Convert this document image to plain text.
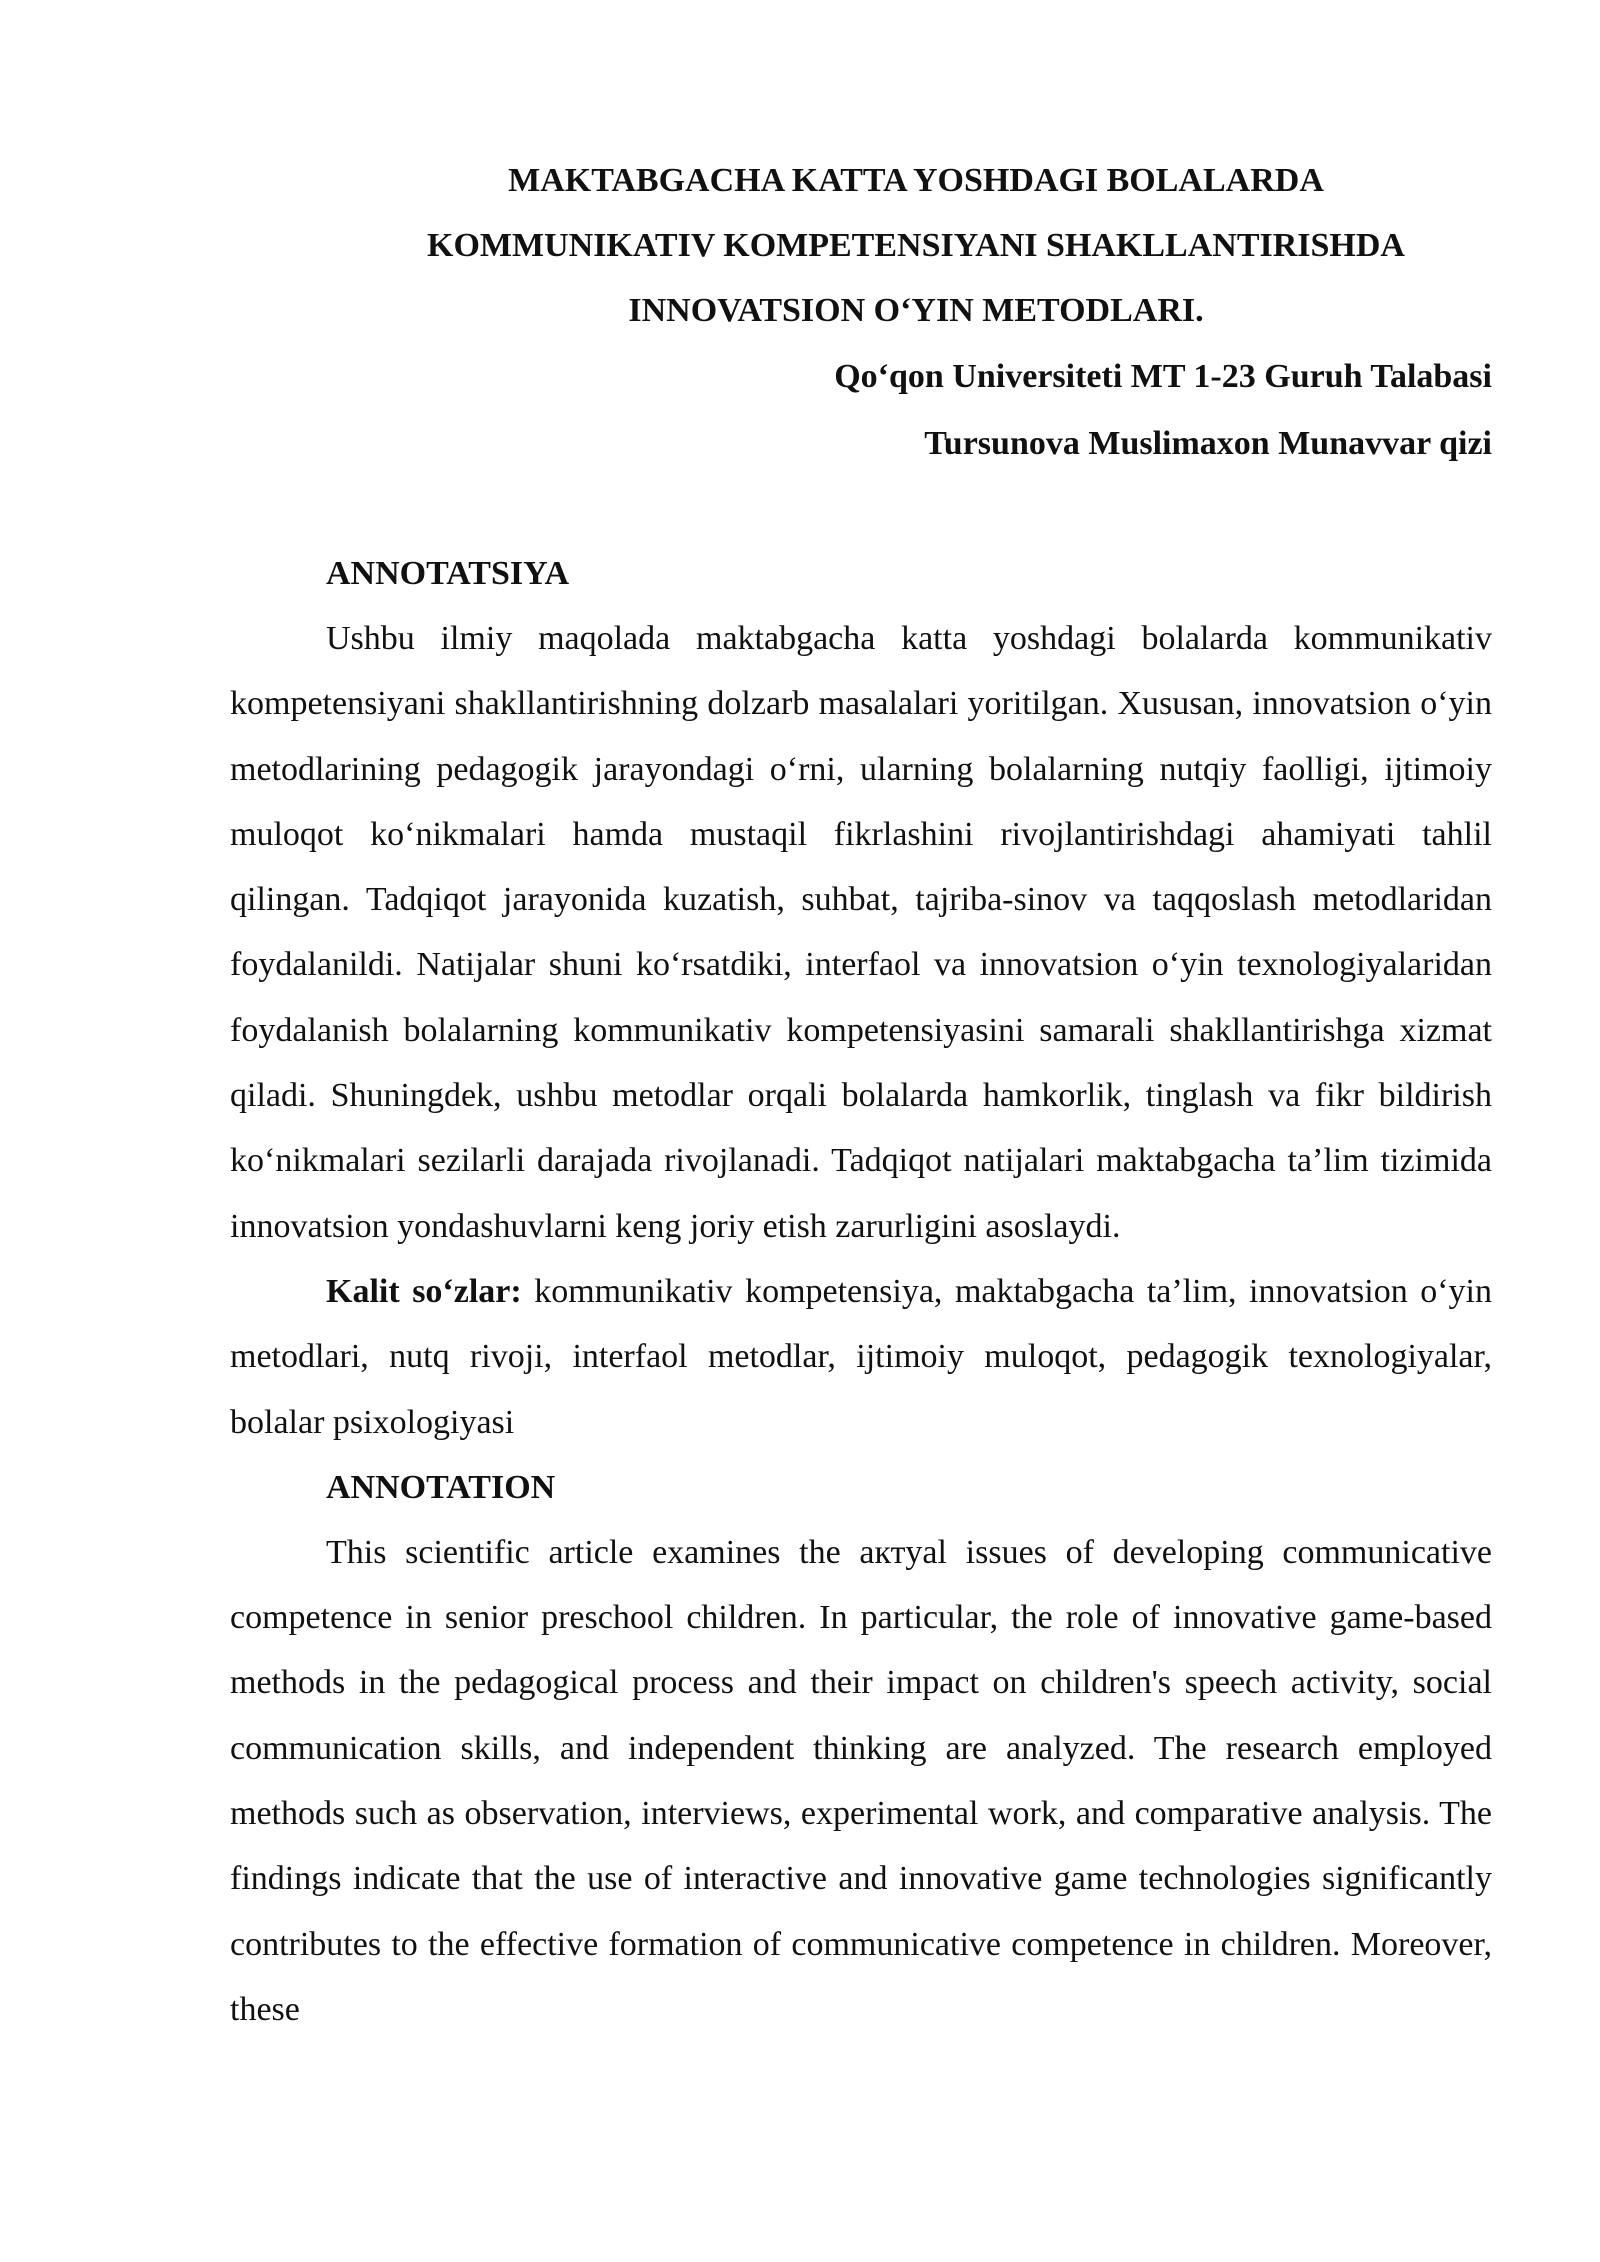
MAKTABGACHA KATTA YOSHDAGI BOLALARDA
KOMMUNIKATIV KOMPETENSIYANI SHAKLLANTIRISHDA
INNOVATSION O‘YIN METODLARI.
Qo‘qon Universiteti MT 1-23 Guruh Talabasi
Tursunova Muslimaxon Munavvar qizi
ANNOTATSIYA

Ushbu ilmiy maqolada maktabgacha katta yoshdagi bolalarda kommunikativ kompetensiyani shakllantirishning dolzarb masalalari yoritilgan. Xususan, innovatsion o‘yin metodlarining pedagogik jarayondagi o‘rni, ularning bolalarning nutqiy faolligi, ijtimoiy muloqot ko‘nikmalari hamda mustaqil fikrlashini rivojlantirishdagi ahamiyati tahlil qilingan. Tadqiqot jarayonida kuzatish, suhbat, tajriba-sinov va taqqoslash metodlaridan foydalanildi. Natijalar shuni ko‘rsatdiki, interfaol va innovatsion o‘yin texnologiyalaridan foydalanish bolalarning kommunikativ kompetensiyasini samarali shakllantirishga xizmat qiladi. Shuningdek, ushbu metodlar orqali bolalarda hamkorlik, tinglash va fikr bildirish ko‘nikmalari sezilarli darajada rivojlanadi. Tadqiqot natijalari maktabgacha ta’lim tizimida innovatsion yondashuvlarni keng joriy etish zarurligini asoslaydi.

Kalit so‘zlar: kommunikativ kompetensiya, maktabgacha ta’lim, innovatsion o‘yin metodlari, nutq rivoji, interfaol metodlar, ijtimoiy muloqot, pedagogik texnologiyalar, bolalar psixologiyasi

ANNOTATION

This scientific article examines the актyal issues of developing communicative competence in senior preschool children. In particular, the role of innovative game-based methods in the pedagogical process and their impact on children's speech activity, social communication skills, and independent thinking are analyzed. The research employed methods such as observation, interviews, experimental work, and comparative analysis. The findings indicate that the use of interactive and innovative game technologies significantly contributes to the effective formation of communicative competence in children. Moreover, these
